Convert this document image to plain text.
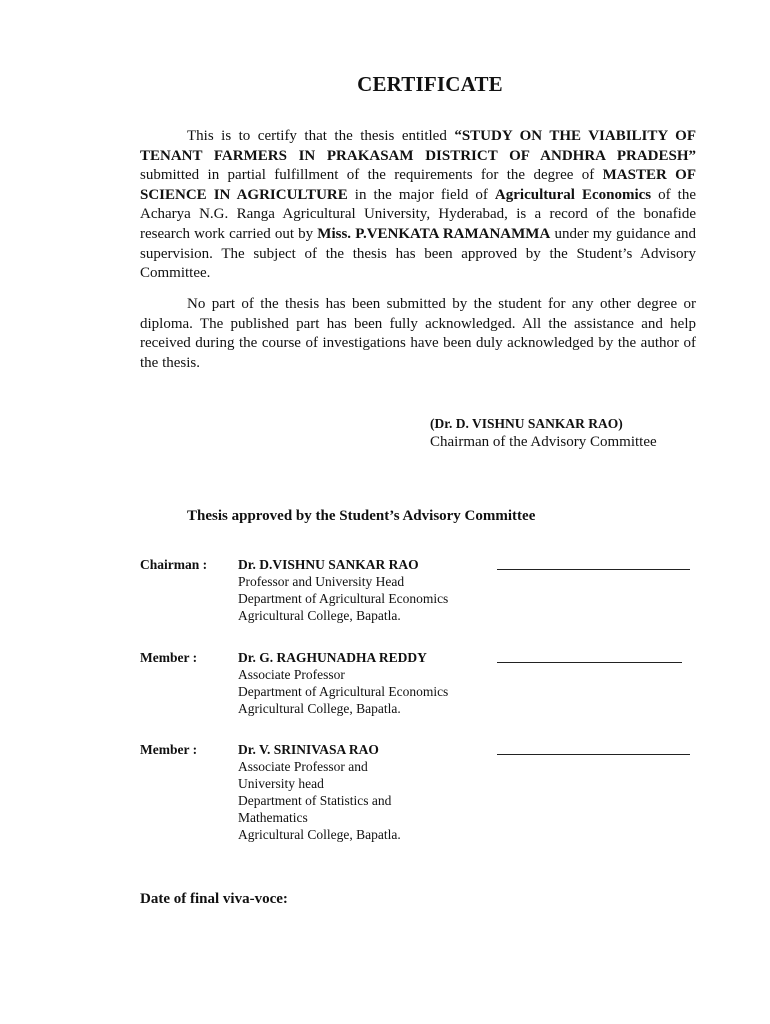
CERTIFICATE

This is to certify that the thesis entitled “STUDY ON THE VIABILITY OF TENANT FARMERS IN PRAKASAM DISTRICT OF ANDHRA PRADESH” submitted in partial fulfillment of the requirements for the degree of MASTER OF SCIENCE IN AGRICULTURE in the major field of Agricultural Economics of the Acharya N.G. Ranga Agricultural University, Hyderabad, is a record of the bonafide research work carried out by Miss. P.VENKATA RAMANAMMA under my guidance and supervision. The subject of the thesis has been approved by the Student’s Advisory Committee.

No part of the thesis has been submitted by the student for any other degree or diploma. The published part has been fully acknowledged. All the assistance and help received during the course of investigations have been duly acknowledged by the author of the thesis.

(Dr. D. VISHNU SANKAR RAO)
Chairman of the Advisory Committee
Thesis approved by the Student’s Advisory Committee
Chairman : Dr. D.VISHNU SANKAR RAO
Professor and University Head
Department of Agricultural Economics
Agricultural College, Bapatla.
Member :	Dr. G. RAGHUNADHA REDDY
Associate Professor
Department of Agricultural Economics
Agricultural College, Bapatla.
Member :	Dr. V. SRINIVASA RAO
Associate Professor and
University head
Department of Statistics and
Mathematics
Agricultural College, Bapatla.
Date of final viva-voce:
